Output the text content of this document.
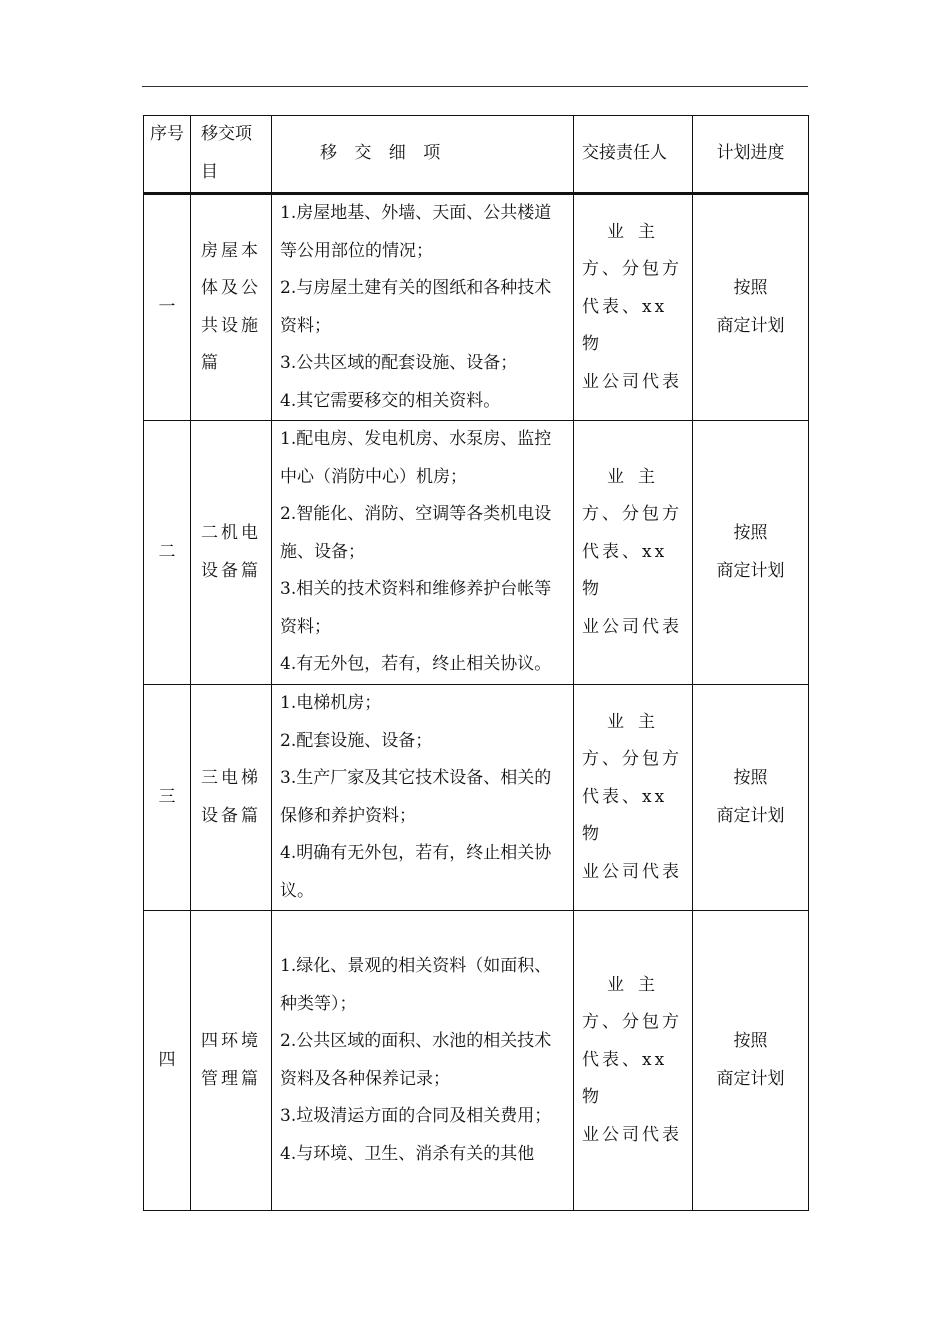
序号	移交项目	移 交 细 项	交接责任人	计划进度
一	房屋本体及公共设施篇	1.房屋地基、外墙、天面、公共楼道等公用部位的情况；
2.与房屋土建有关的图纸和各种技术资料；
3.公共区域的配套设施、设备；
4.其它需要移交的相关资料。	业主
方、分包方
代表、xx物
业公司代表	按照
商定计划

二	二机电设备篇	1.配电房、发电机房、水泵房、监控中心（消防中心）机房；
2.智能化、消防、空调等各类机电设施、设备；
3.相关的技术资料和维修养护台帐等资料；
4.有无外包，若有，终止相关协议。	业主
方、分包方
代表、xx物
业公司代表	按照
商定计划

三	三电梯设备篇	1.电梯机房；
2.配套设施、设备；
3.生产厂家及其它技术设备、相关的保修和养护资料；
4.明确有无外包，若有，终止相关协议。	业主
方、分包方
代表、xx物
业公司代表	按照
商定计划

四	四环境管理篇	1.绿化、景观的相关资料（如面积、种类等）；
2.公共区域的面积、水池的相关技术资料及各种保养记录；
3.垃圾清运方面的合同及相关费用；
4.与环境、卫生、消杀有关的其他	业主
方、分包方
代表、xx物
业公司代表	按照
商定计划
